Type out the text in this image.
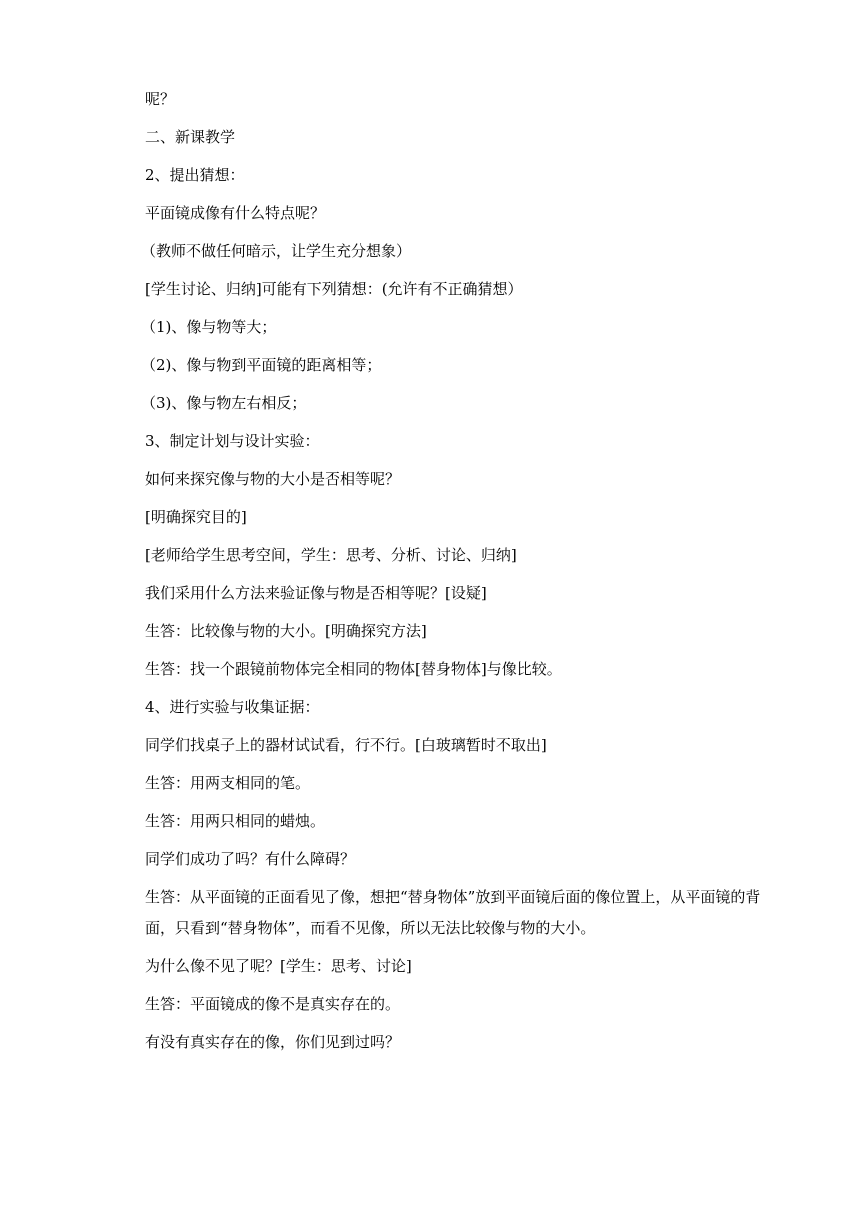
呢？

二、新课教学

2、提出猜想：

平面镜成像有什么特点呢？

（教师不做任何暗示，让学生充分想象）

[学生讨论、归纳]可能有下列猜想：(允许有不正确猜想）

（1)、像与物等大；

（2)、像与物到平面镜的距离相等；

（3)、像与物左右相反；

3、制定计划与设计实验：

如何来探究像与物的大小是否相等呢？

[明确探究目的]

[老师给学生思考空间，学生：思考、分析、讨论、归纳]

我们采用什么方法来验证像与物是否相等呢？[设疑]

生答：比较像与物的大小。[明确探究方法]

生答：找一个跟镜前物体完全相同的物体[替身物体]与像比较。

4、进行实验与收集证据：

同学们找桌子上的器材试试看，行不行。[白玻璃暂时不取出]

生答：用两支相同的笔。

生答：用两只相同的蜡烛。

同学们成功了吗？有什么障碍？

生答：从平面镜的正面看见了像，想把“替身物体”放到平面镜后面的像位置上，从平面镜的背面，只看到“替身物体”，而看不见像，所以无法比较像与物的大小。

为什么像不见了呢？[学生：思考、讨论]

生答：平面镜成的像不是真实存在的。

有没有真实存在的像，你们见到过吗？
